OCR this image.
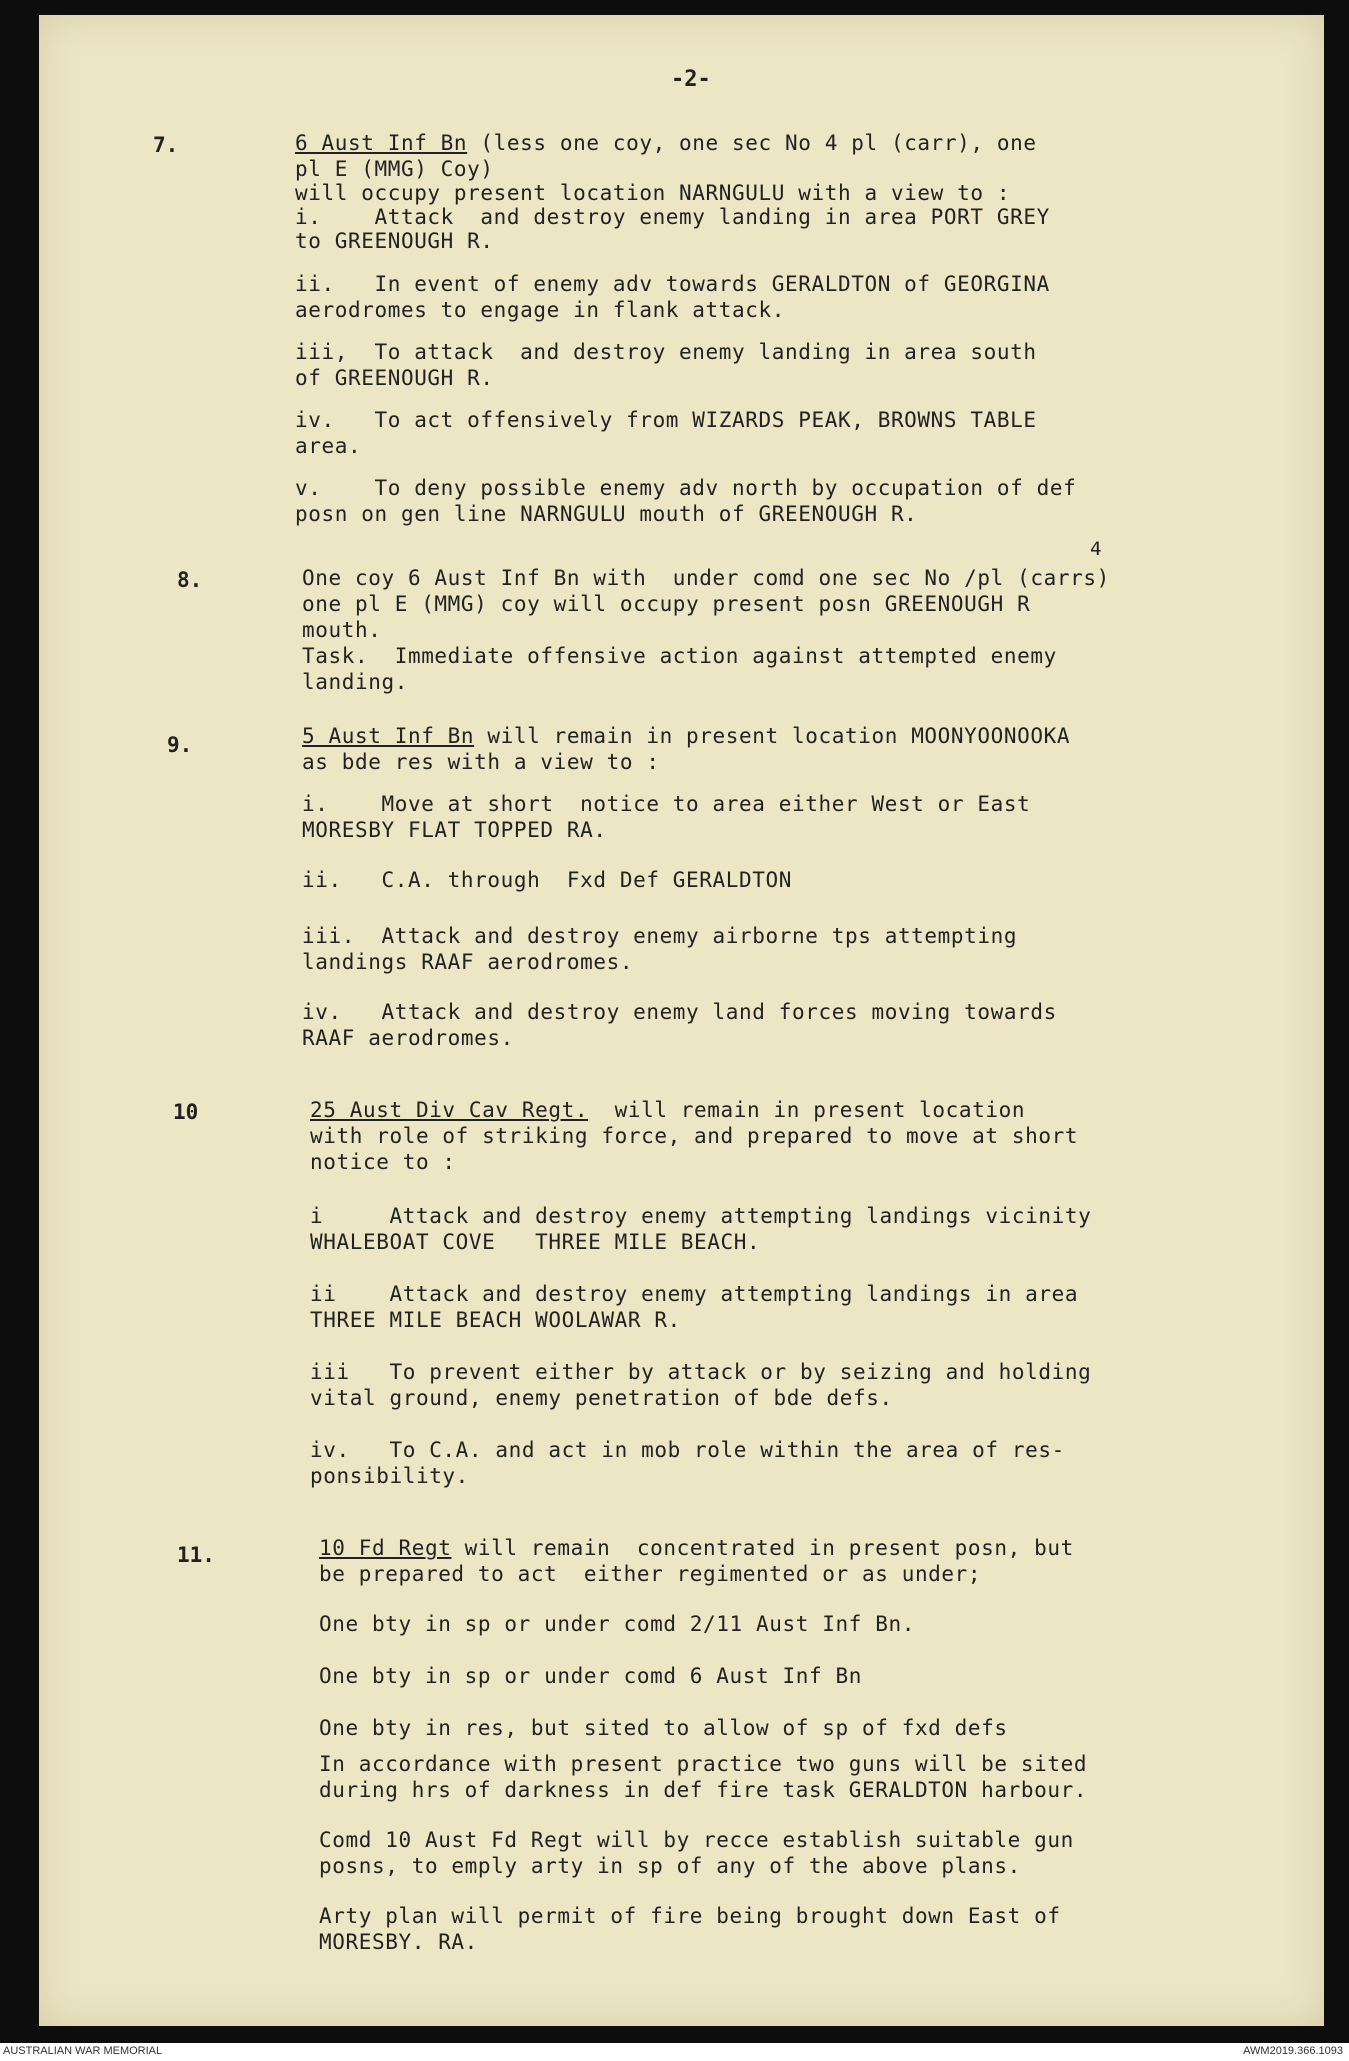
-2-
7.	6 Aust Inf Bn (less one coy, one sec No 4 pl (carr), one
pl E (MMG) Coy)
will occupy present location NARNGULU with a view to :
i.    Attack  and destroy enemy landing in area PORT GREY
to GREENOUGH R.
ii.   In event of enemy adv towards GERALDTON of GEORGINA
aerodromes to engage in flank attack.
iii,  To attack  and destroy enemy landing in area south
of GREENOUGH R.
iv.   To act offensively from WIZARDS PEAK, BROWNS TABLE
area.
v.    To deny possible enemy adv north by occupation of def
posn on gen line NARNGULU mouth of GREENOUGH R.
4
8.	One coy 6 Aust Inf Bn with  under comd one sec No /pl (carrs)
one pl E (MMG) coy will occupy present posn GREENOUGH R
mouth.
Task.  Immediate offensive action against attempted enemy
landing.
9.	5 Aust Inf Bn will remain in present location MOONYOONOOKA
as bde res with a view to :
i.    Move at short  notice to area either West or East
MORESBY FLAT TOPPED RA.
ii.   C.A. through  Fxd Def GERALDTON
iii.  Attack and destroy enemy airborne tps attempting
landings RAAF aerodromes.
iv.   Attack and destroy enemy land forces moving towards
RAAF aerodromes.
10	25 Aust Div Cav Regt.  will remain in present location
with role of striking force, and prepared to move at short
notice to :
i     Attack and destroy enemy attempting landings vicinity
WHALEBOAT COVE   THREE MILE BEACH.
ii    Attack and destroy enemy attempting landings in area
THREE MILE BEACH WOOLAWAR R.
iii   To prevent either by attack or by seizing and holding
vital ground, enemy penetration of bde defs.
iv.   To C.A. and act in mob role within the area of res-
ponsibility.
11.	10 Fd Regt will remain  concentrated in present posn, but
be prepared to act  either regimented or as under;
One bty in sp or under comd 2/11 Aust Inf Bn.
One bty in sp or under comd 6 Aust Inf Bn
One bty in res, but sited to allow of sp of fxd defs
In accordance with present practice two guns will be sited
during hrs of darkness in def fire task GERALDTON harbour.
Comd 10 Aust Fd Regt will by recce establish suitable gun
posns, to emply arty in sp of any of the above plans.
Arty plan will permit of fire being brought down East of
MORESBY. RA.
AUSTRALIAN WAR MEMORIAL	AWM2019.366.1093
